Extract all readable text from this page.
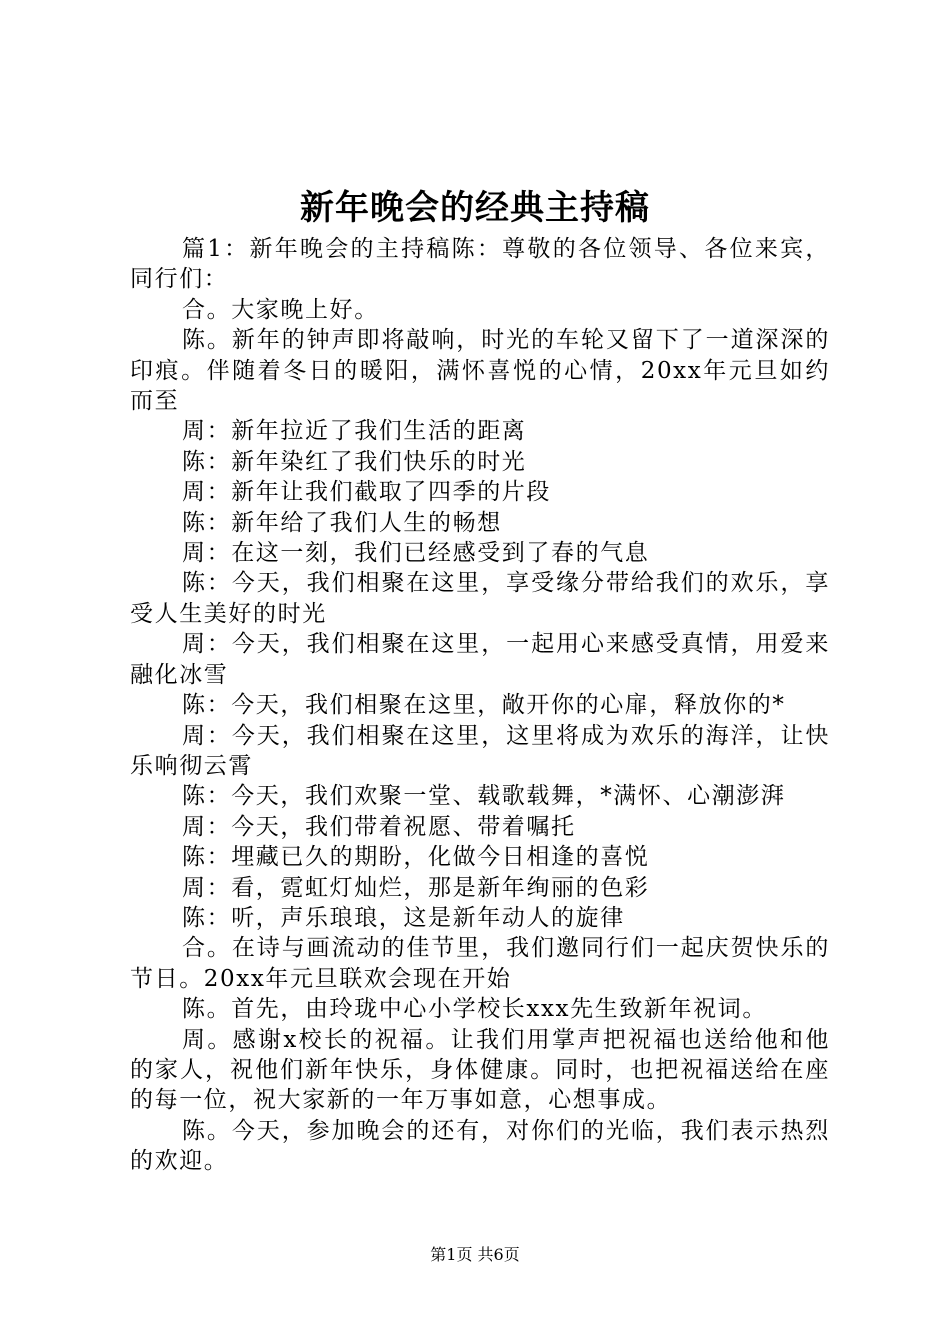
新年晚会的经典主持稿

篇1：新年晚会的主持稿陈：尊敬的各位领导、各位来宾，同行们：

合。大家晚上好。

陈。新年的钟声即将敲响，时光的车轮又留下了一道深深的印痕。伴随着冬日的暖阳，满怀喜悦的心情，20xx年元旦如约而至

周：新年拉近了我们生活的距离

陈：新年染红了我们快乐的时光

周：新年让我们截取了四季的片段

陈：新年给了我们人生的畅想

周：在这一刻，我们已经感受到了春的气息

陈：今天，我们相聚在这里，享受缘分带给我们的欢乐，享受人生美好的时光

周：今天，我们相聚在这里，一起用心来感受真情，用爱来融化冰雪

陈：今天，我们相聚在这里，敞开你的心扉，释放你的*

周：今天，我们相聚在这里，这里将成为欢乐的海洋，让快乐响彻云霄

陈：今天，我们欢聚一堂、载歌载舞，*满怀、心潮澎湃

周：今天，我们带着祝愿、带着嘱托

陈：埋藏已久的期盼，化做今日相逢的喜悦

周：看，霓虹灯灿烂，那是新年绚丽的色彩

陈：听，声乐琅琅，这是新年动人的旋律

合。在诗与画流动的佳节里，我们邀同行们一起庆贺快乐的节日。20xx年元旦联欢会现在开始

陈。首先，由玲珑中心小学校长xxx先生致新年祝词。

周。感谢x校长的祝福。让我们用掌声把祝福也送给他和他的家人，祝他们新年快乐，身体健康。同时，也把祝福送给在座的每一位，祝大家新的一年万事如意，心想事成。

陈。今天，参加晚会的还有，对你们的光临，我们表示热烈的欢迎。

第1页 共6页
